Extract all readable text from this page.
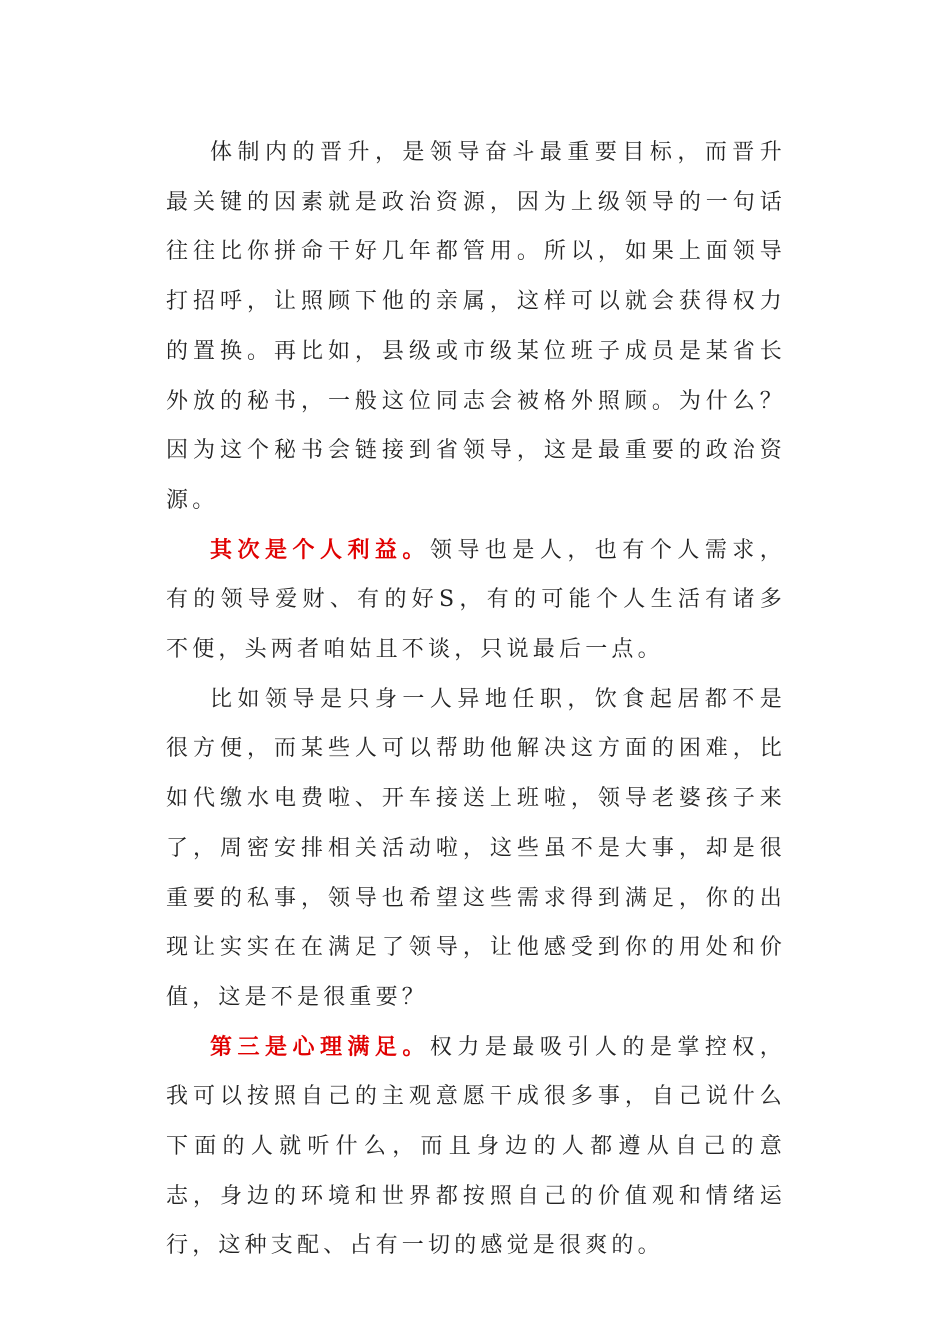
体制内的晋升，是领导奋斗最重要目标，而晋升最关键的因素就是政治资源，因为上级领导的一句话往往比你拼命干好几年都管用。所以，如果上面领导打招呼，让照顾下他的亲属，这样可以就会获得权力的置换。再比如，县级或市级某位班子成员是某省长外放的秘书，一般这位同志会被格外照顾。为什么？因为这个秘书会链接到省领导，这是最重要的政治资源。

其次是个人利益。领导也是人，也有个人需求，有的领导爱财、有的好S，有的可能个人生活有诸多不便，头两者咱姑且不谈，只说最后一点。

比如领导是只身一人异地任职，饮食起居都不是很方便，而某些人可以帮助他解决这方面的困难，比如代缴水电费啦、开车接送上班啦，领导老婆孩子来了，周密安排相关活动啦，这些虽不是大事，却是很重要的私事，领导也希望这些需求得到满足，你的出现让实实在在满足了领导，让他感受到你的用处和价值，这是不是很重要？

第三是心理满足。权力是最吸引人的是掌控权，我可以按照自己的主观意愿干成很多事，自己说什么下面的人就听什么，而且身边的人都遵从自己的意志，身边的环境和世界都按照自己的价值观和情绪运行，这种支配、占有一切的感觉是很爽的。
